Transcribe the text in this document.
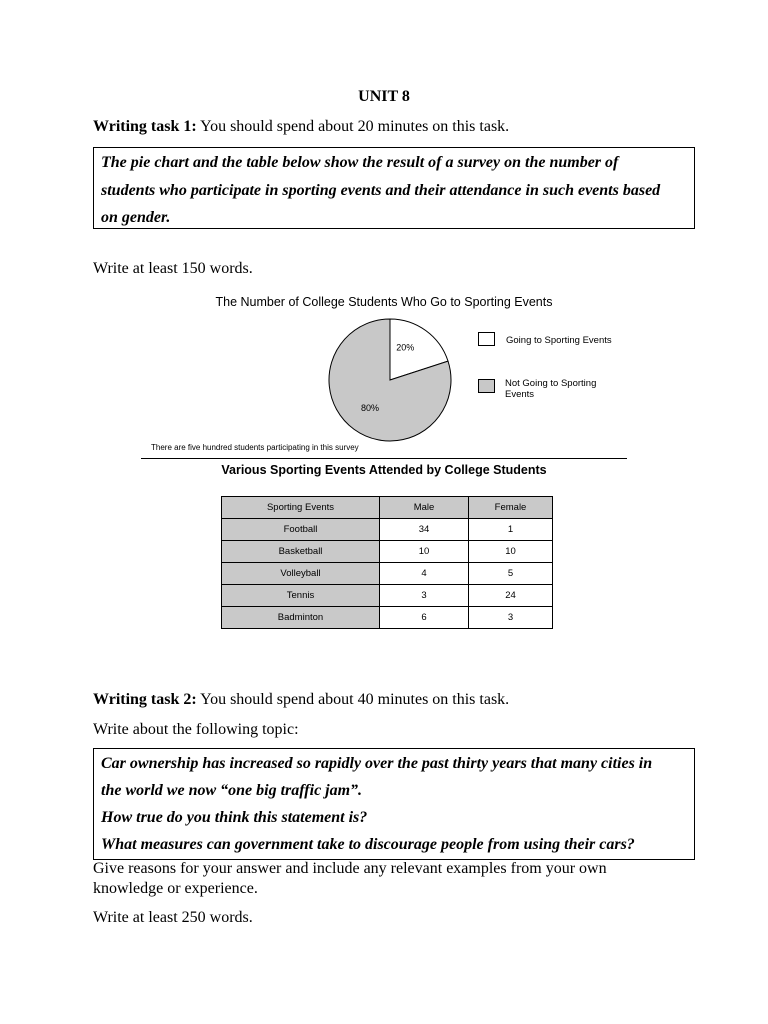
UNIT 8
Writing task 1: You should spend about 20 minutes on this task.

The pie chart and the table below show the result of a survey on the number of

students who participate in sporting events and their attendance in such events based

on gender.

Write at least 150 words.
The Number of College Students Who Go to Sporting Events
20%
80%
Going to Sporting Events
Not Going to Sporting
Events
There are five hundred students participating in this survey
Various Sporting Events Attended by College Students
Sporting Events	Male	Female
Football	34	1
Basketball	10	10
Volleyball	4	5
Tennis	3	24
Badminton	6	3
Writing task 2: You should spend about 40 minutes on this task.
Write about the following topic:

Car ownership has increased so rapidly over the past thirty years that many cities in

the world we now “one big traffic jam”.

How true do you think this statement is?

What measures can government take to discourage people from using their cars?

Give reasons for your answer and include any relevant examples from your own
knowledge or experience.
Write at least 250 words.
